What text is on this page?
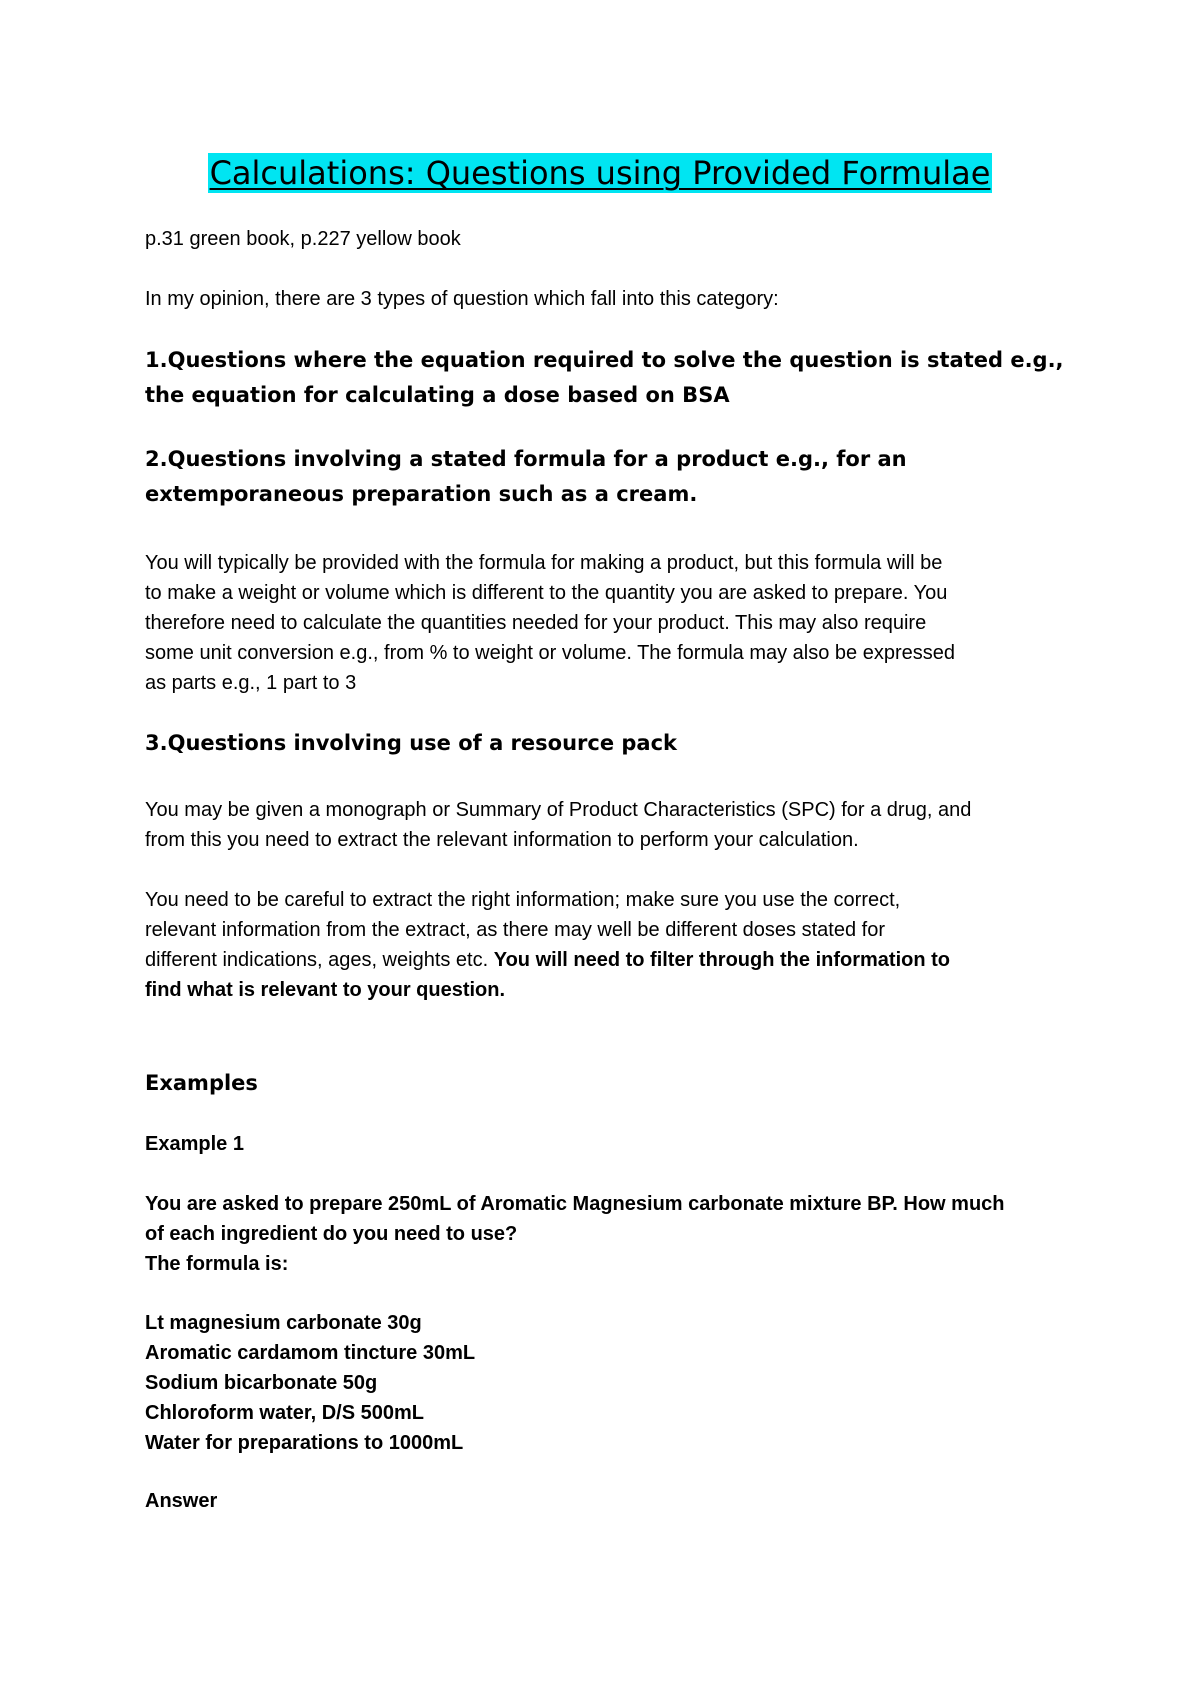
Calculations: Questions using Provided Formulae

p.31 green book, p.227 yellow book

In my opinion, there are 3 types of question which fall into this category:

1.Questions where the equation required to solve the question is stated e.g.,
the equation for calculating a dose based on BSA

2.Questions involving a stated formula for a product e.g., for an
extemporaneous preparation such as a cream.

You will typically be provided with the formula for making a product, but this formula will be
to make a weight or volume which is different to the quantity you are asked to prepare. You
therefore need to calculate the quantities needed for your product. This may also require
some unit conversion e.g., from % to weight or volume. The formula may also be expressed
as parts e.g., 1 part to 3

3.Questions involving use of a resource pack

You may be given a monograph or Summary of Product Characteristics (SPC) for a drug, and
from this you need to extract the relevant information to perform your calculation.

You need to be careful to extract the right information; make sure you use the correct,
relevant information from the extract, as there may well be different doses stated for
different indications, ages, weights etc. You will need to filter through the information to
find what is relevant to your question.

Examples

Example 1

You are asked to prepare 250mL of Aromatic Magnesium carbonate mixture BP. How much
of each ingredient do you need to use?
The formula is:

Lt magnesium carbonate 30g
Aromatic cardamom tincture 30mL
Sodium bicarbonate 50g
Chloroform water, D/S 500mL
Water for preparations to 1000mL

Answer
